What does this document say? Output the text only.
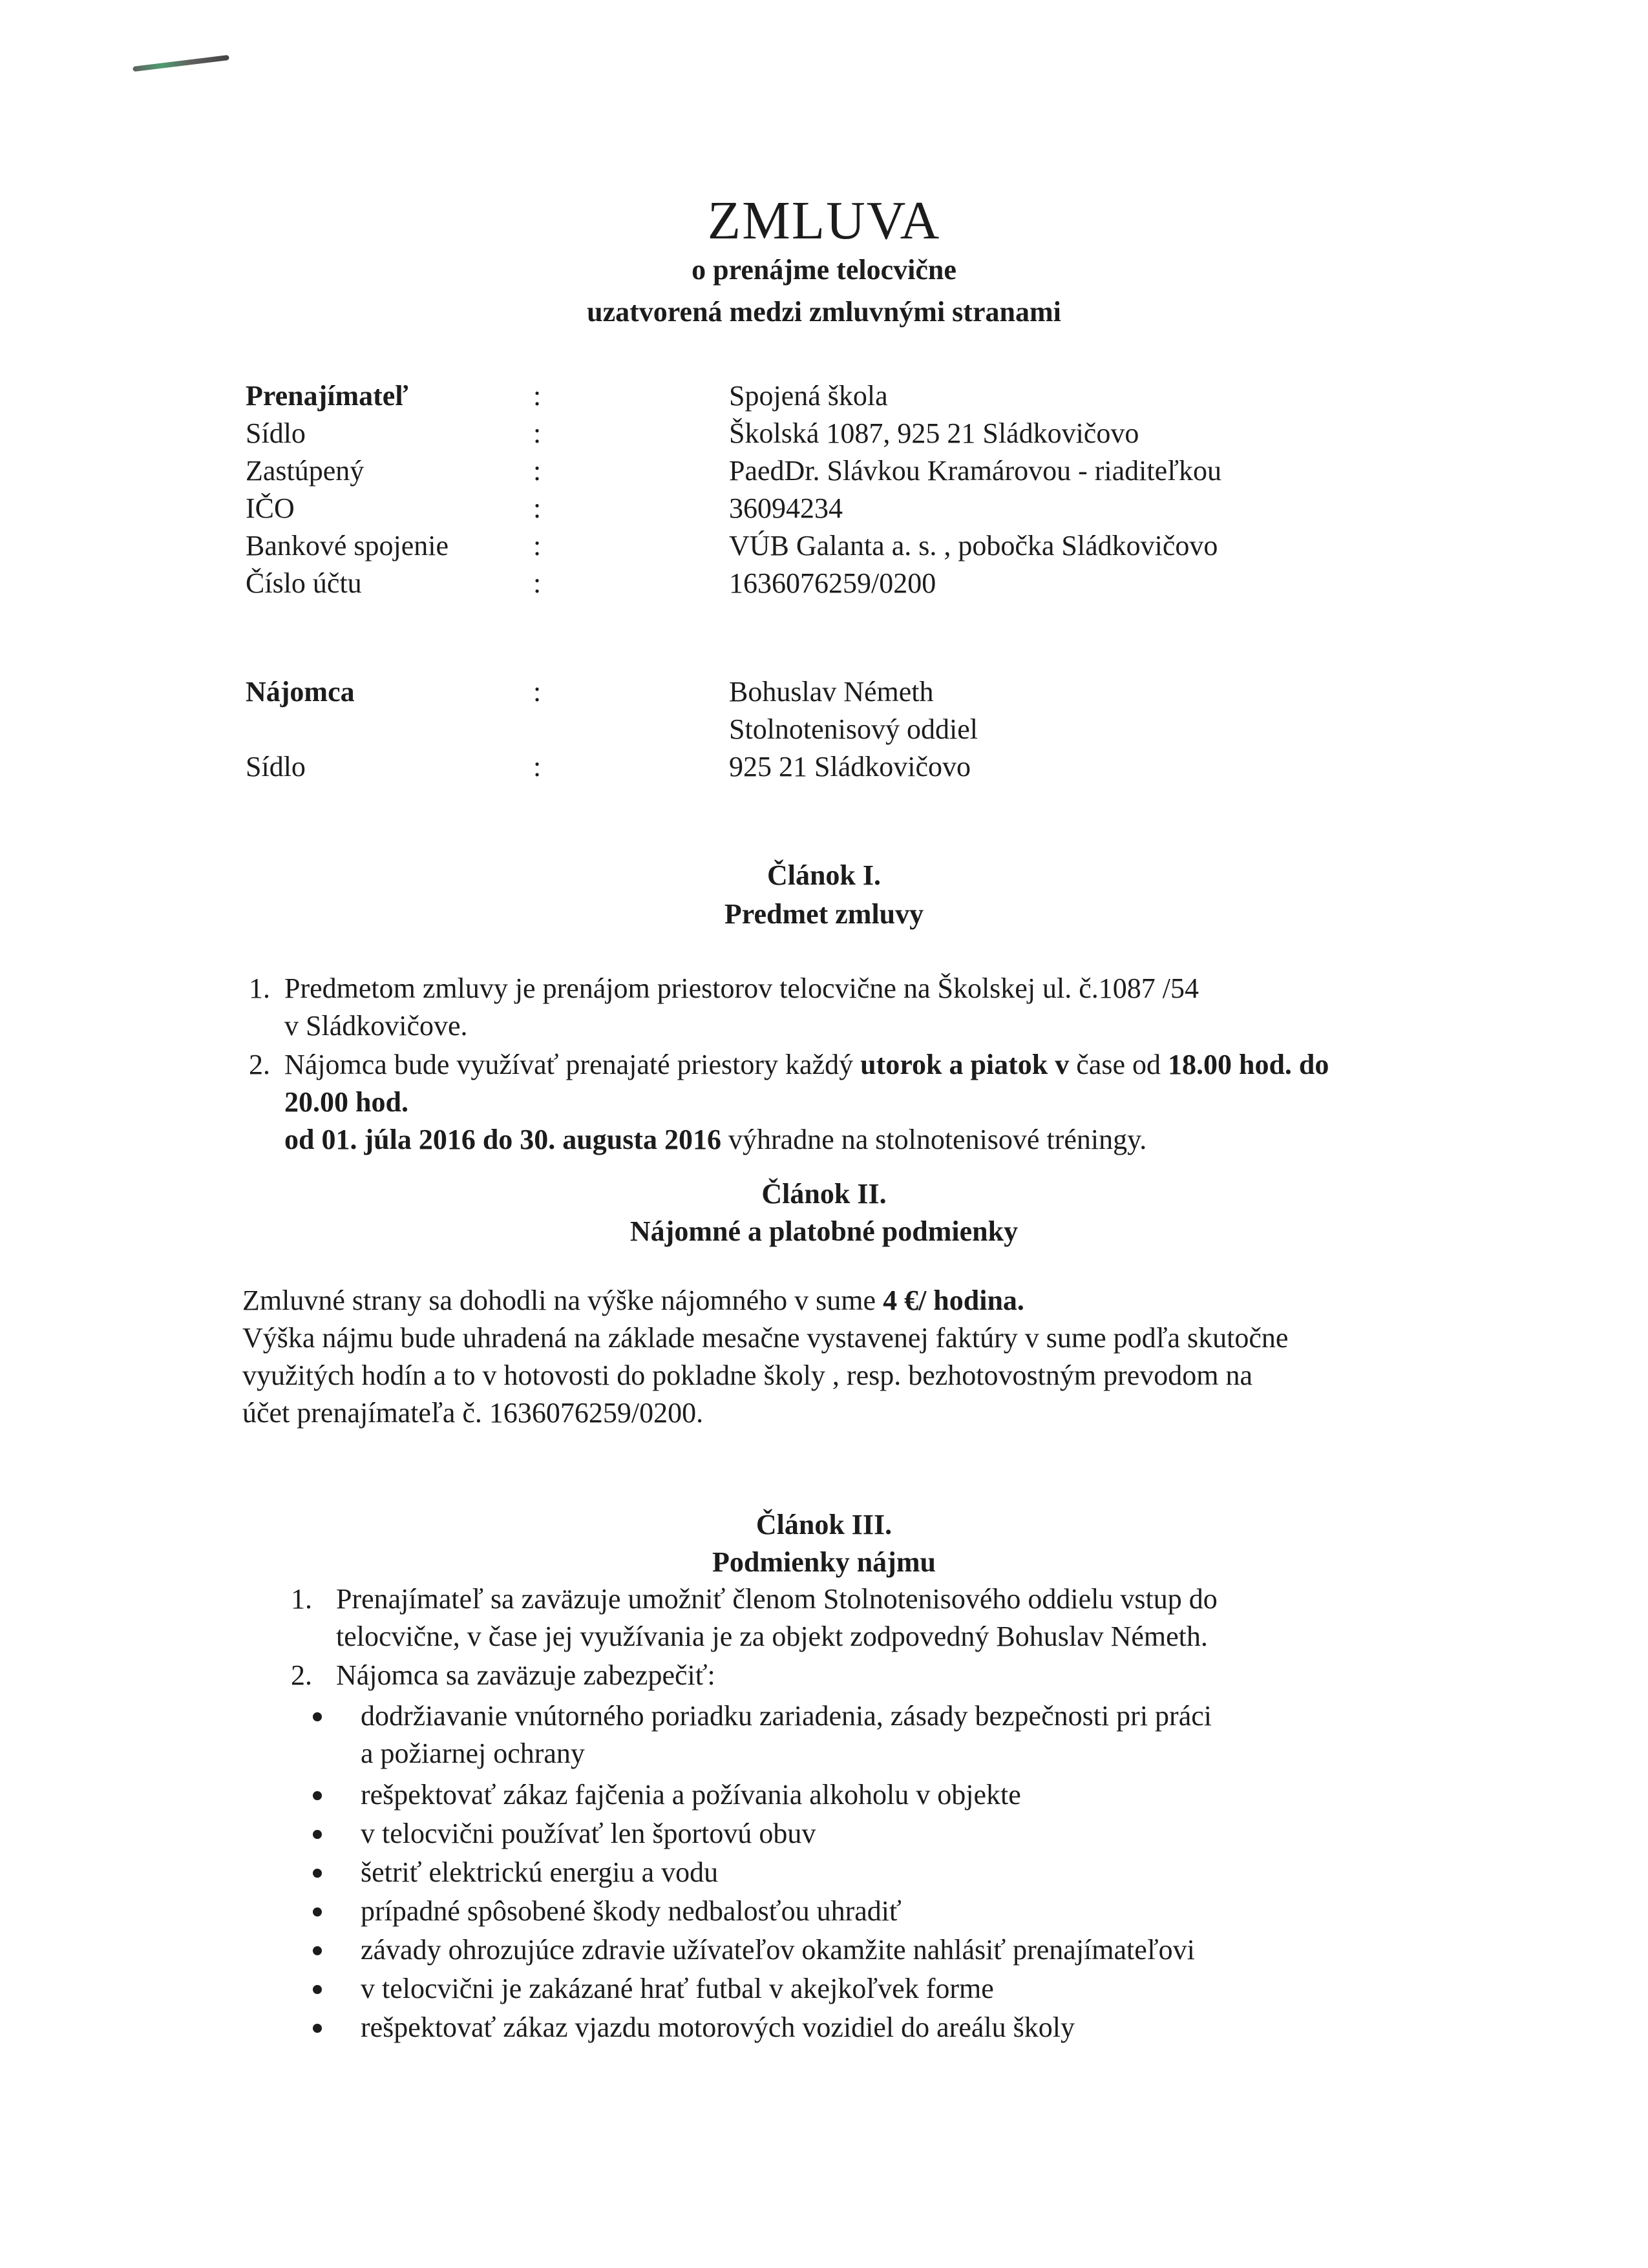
ZMLUVA
o prenájme telocvične
uzatvorená medzi zmluvnými stranami
Prenajímateľ	:	Spojená škola
Sídlo	:	Školská 1087, 925 21 Sládkovičovo
Zastúpený	:	PaedDr. Slávkou Kramárovou - riaditeľkou
IČO	:	36094234
Bankové spojenie	:	VÚB Galanta a. s. , pobočka Sládkovičovo
Číslo účtu	:	1636076259/0200
Nájomca	:	Bohuslav Németh
Stolnotenisový oddiel
Sídlo	:	925 21 Sládkovičovo
Článok I.
Predmet zmluvy
1. Predmetom zmluvy je prenájom priestorov telocvične na Školskej ul. č.1087 /54
v Sládkovičove.
2. Nájomca bude využívať prenajaté priestory každý utorok a piatok v čase od 18.00 hod. do
20.00 hod.
od 01. júla 2016 do 30. augusta 2016 výhradne na stolnotenisové tréningy.
Článok II.
Nájomné a platobné podmienky
Zmluvné strany sa dohodli na výške nájomného v sume 4 €/ hodina.
Výška nájmu bude uhradená na základe mesačne vystavenej faktúry v sume podľa skutočne
využitých hodín a to v hotovosti do pokladne školy , resp. bezhotovostným prevodom na
účet prenajímateľa č. 1636076259/0200.
Článok III.
Podmienky nájmu
1. Prenajímateľ sa zaväzuje umožniť členom Stolnotenisového oddielu vstup do
telocvične, v čase jej využívania je za objekt zodpovedný Bohuslav Németh.
2. Nájomca sa zaväzuje zabezpečiť:
dodržiavanie vnútorného poriadku zariadenia, zásady bezpečnosti pri práci
a požiarnej ochrany
rešpektovať zákaz fajčenia a požívania alkoholu v objekte
v telocvični používať len športovú obuv
šetriť elektrickú energiu a vodu
prípadné spôsobené škody nedbalosťou uhradiť
závady ohrozujúce zdravie užívateľov okamžite nahlásiť prenajímateľovi
v telocvični je zakázané hrať futbal v akejkoľvek forme
rešpektovať zákaz vjazdu motorových vozidiel do areálu školy
